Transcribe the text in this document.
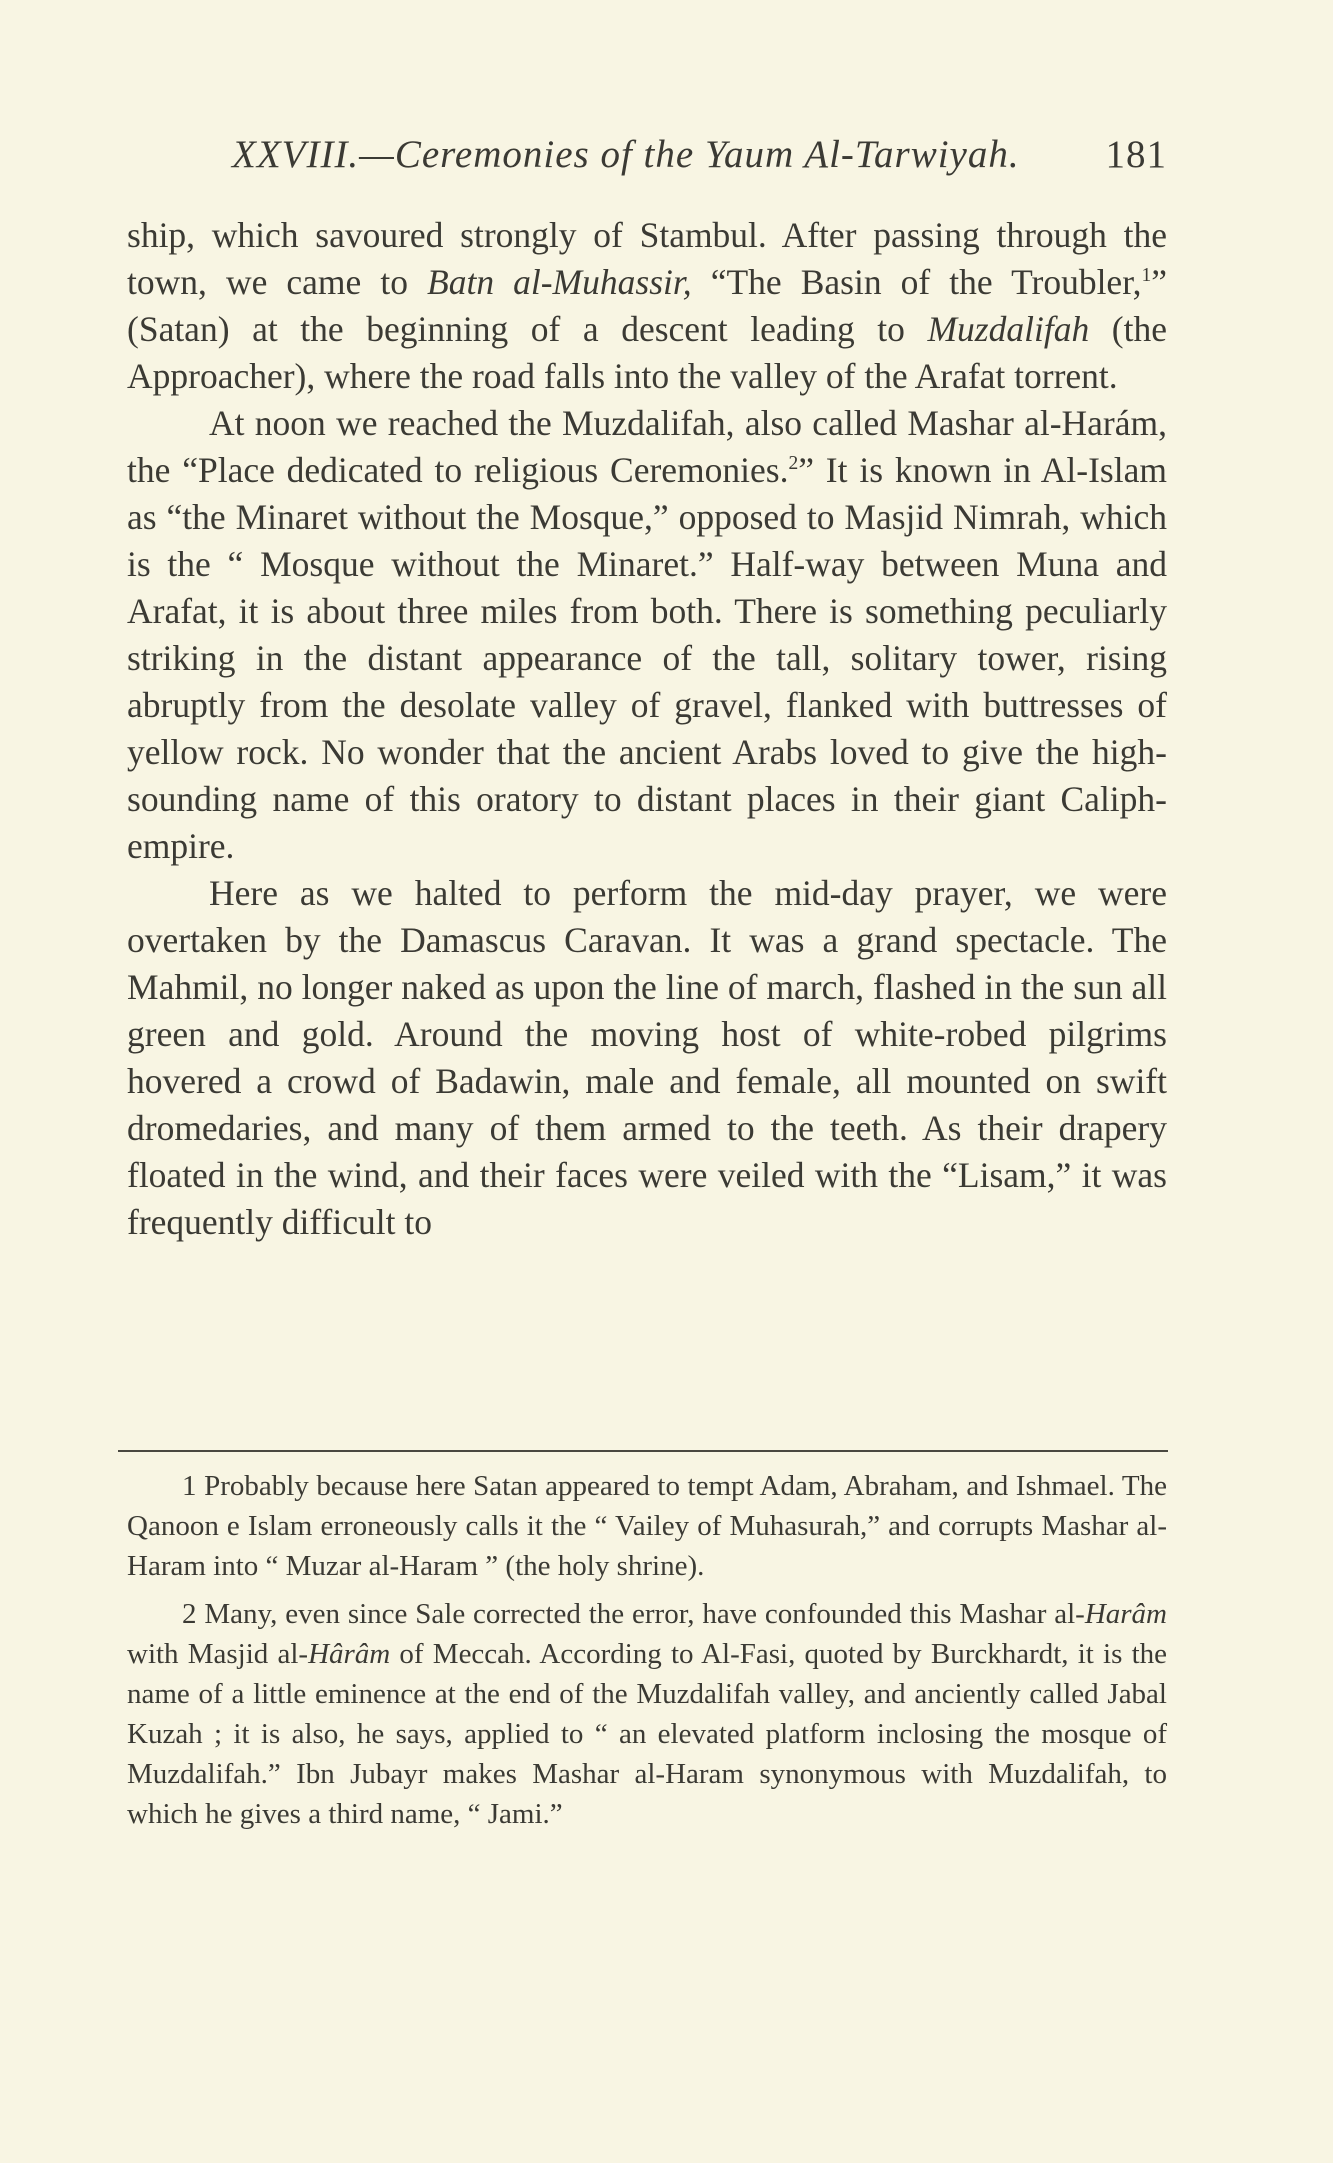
XXVIII.—Ceremonies of the Yaum Al-Tarwiyah. 181

ship, which savoured strongly of Stambul. After passing through the town, we came to Batn al-Muhassir, “The Basin of the Troubler,$^1$” (Satan) at the beginning of a descent leading to Muzdalifah (the Approacher), where the road falls into the valley of the Arafat torrent.

At noon we reached the Muzdalifah, also called Mashar al-Harám, the “Place dedicated to religious Ceremonies.$^2$” It is known in Al-Islam as “the Minaret without the Mosque,” opposed to Masjid Nimrah, which is the “ Mosque without the Minaret.” Half-way between Muna and Arafat, it is about three miles from both. There is something peculiarly striking in the distant appearance of the tall, solitary tower, rising abruptly from the desolate valley of gravel, flanked with buttresses of yellow rock. No wonder that the ancient Arabs loved to give the high-sounding name of this oratory to distant places in their giant Caliph-empire.

Here as we halted to perform the mid-day prayer, we were overtaken by the Damascus Caravan. It was a grand spectacle. The Mahmil, no longer naked as upon the line of march, flashed in the sun all green and gold. Around the moving host of white-robed pilgrims hovered a crowd of Badawin, male and female, all mounted on swift dromedaries, and many of them armed to the teeth. As their drapery floated in the wind, and their faces were veiled with the “Lisam,” it was frequently difficult to

1 Probably because here Satan appeared to tempt Adam, Abraham, and Ishmael. The Qanoon e Islam erroneously calls it the “ Vailey of Muhasurah,” and corrupts Mashar al-Haram into “ Muzar al-Haram ” (the holy shrine).

2 Many, even since Sale corrected the error, have confounded this Mashar al-Harâm with Masjid al-Hârâm of Meccah. According to Al-Fasi, quoted by Burckhardt, it is the name of a little eminence at the end of the Muzdalifah valley, and anciently called Jabal Kuzah ; it is also, he says, applied to “ an elevated platform inclosing the mosque of Muzdalifah.” Ibn Jubayr makes Mashar al-Haram synonymous with Muzdalifah, to which he gives a third name, “ Jami.”
